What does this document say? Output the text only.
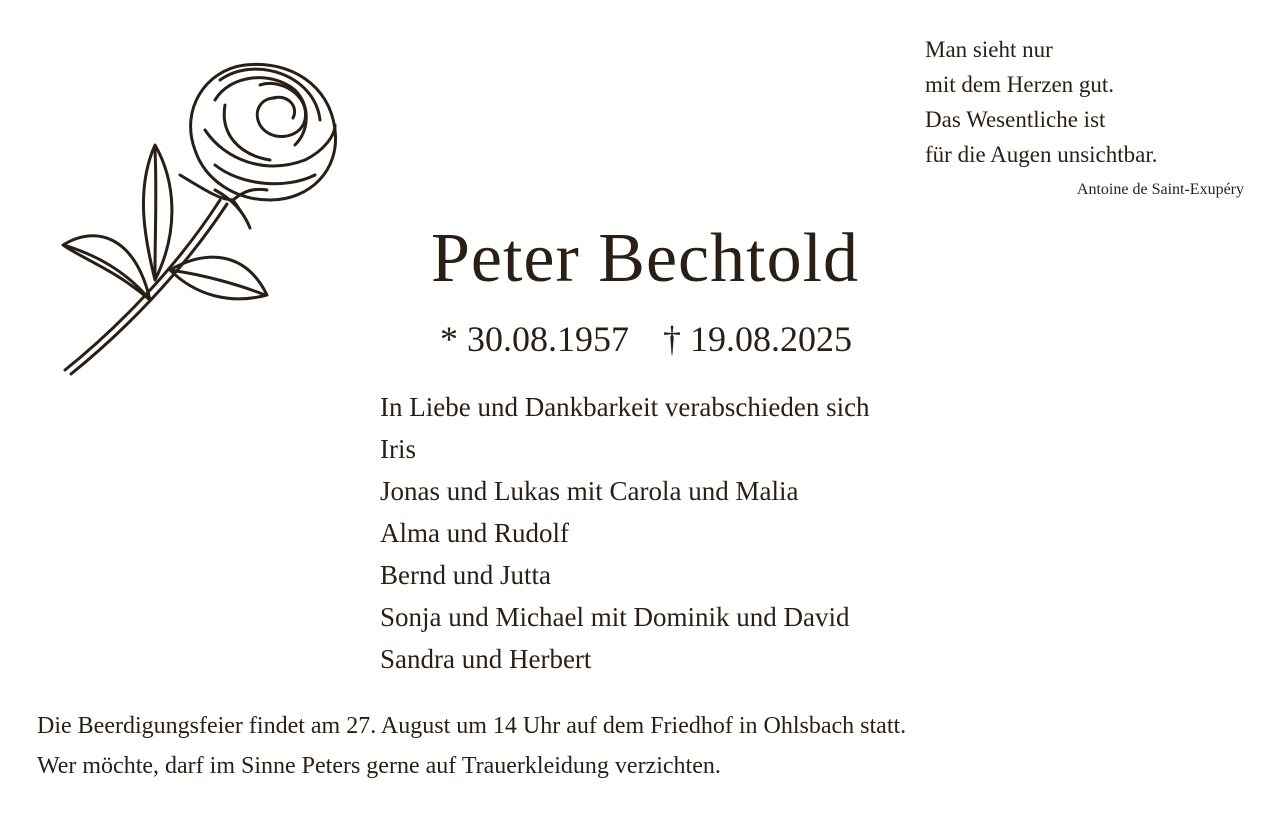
Man sieht nur
mit dem Herzen gut.
Das Wesentliche ist
für die Augen unsichtbar.
Antoine de Saint-Exupéry
Peter Bechtold
* 30.08.1957 † 19.08.2025
In Liebe und Dankbarkeit verabschieden sich
Iris
Jonas und Lukas mit Carola und Malia
Alma und Rudolf
Bernd und Jutta
Sonja und Michael mit Dominik und David
Sandra und Herbert
Die Beerdigungsfeier findet am 27. August um 14 Uhr auf dem Friedhof in Ohlsbach statt.
Wer möchte, darf im Sinne Peters gerne auf Trauerkleidung verzichten.
